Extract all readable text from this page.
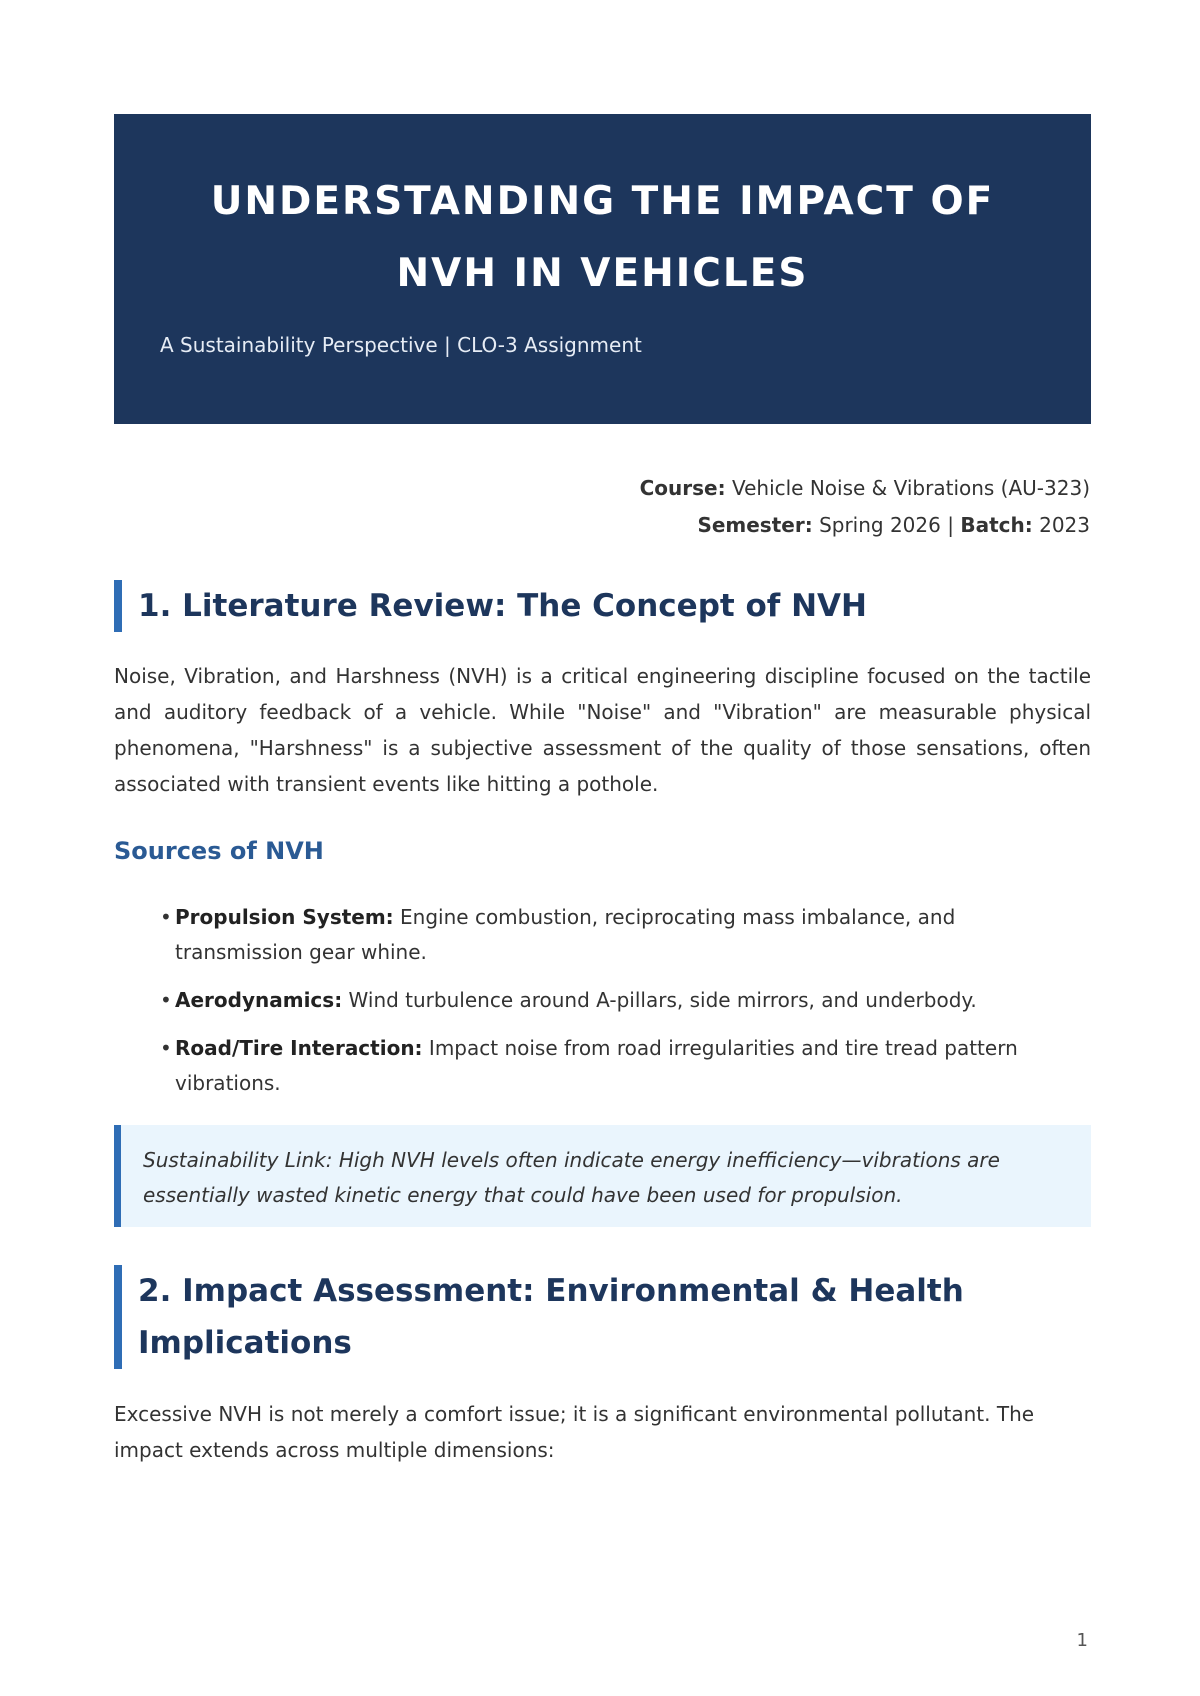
UNDERSTANDING THE IMPACT OF
NVH IN VEHICLES

A Sustainability Perspective | CLO-3 Assignment

Course: Vehicle Noise & Vibrations (AU-323)
Semester: Spring 2026 | Batch: 2023
1. Literature Review: The Concept of NVH

Noise, Vibration, and Harshness (NVH) is a critical engineering discipline focused on the tactile and auditory feedback of a vehicle. While "Noise" and "Vibration" are measurable physical phenomena, "Harshness" is a subjective assessment of the quality of those sensations, often associated with transient events like hitting a pothole.

Sources of NVH
• Propulsion System: Engine combustion, reciprocating mass imbalance, and transmission gear whine.
• Aerodynamics: Wind turbulence around A-pillars, side mirrors, and underbody.
• Road/Tire Interaction: Impact noise from road irregularities and tire tread pattern vibrations.
Sustainability Link: High NVH levels often indicate energy inefficiency—vibrations are essentially wasted kinetic energy that could have been used for propulsion.
2. Impact Assessment: Environmental & Health
Implications

Excessive NVH is not merely a comfort issue; it is a significant environmental pollutant. The impact extends across multiple dimensions:

1
